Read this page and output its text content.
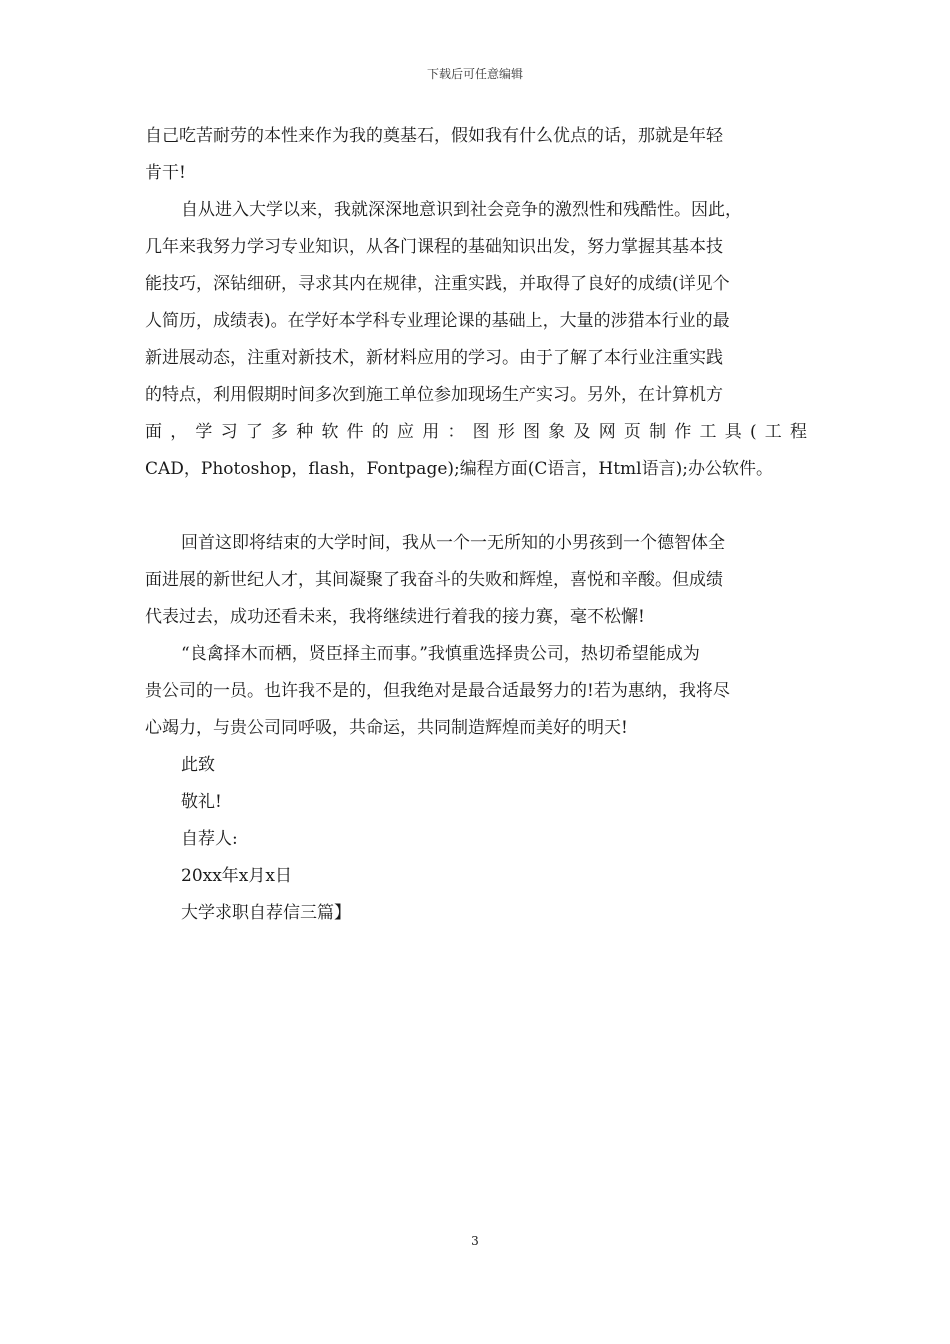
下载后可任意编辑
自己吃苦耐劳的本性来作为我的奠基石，假如我有什么优点的话，那就是年轻
肯干!
自从进入大学以来，我就深深地意识到社会竞争的激烈性和残酷性。因此，
几年来我努力学习专业知识，从各门课程的基础知识出发，努力掌握其基本技
能技巧，深钻细研，寻求其内在规律，注重实践，并取得了良好的成绩(详见个
人简历，成绩表)。在学好本学科专业理论课的基础上，大量的涉猎本行业的最
新进展动态，注重对新技术，新材料应用的学习。由于了解了本行业注重实践
的特点，利用假期时间多次到施工单位参加现场生产实习。另外，在计算机方
面，学习了多种软件的应用：图形图象及网页制作工具(工程
CAD，Photoshop，flash，Fontpage);编程方面(C语言，Html语言);办公软件。
回首这即将结束的大学时间，我从一个一无所知的小男孩到一个德智体全
面进展的新世纪人才，其间凝聚了我奋斗的失败和辉煌，喜悦和辛酸。但成绩
代表过去，成功还看未来，我将继续进行着我的接力赛，毫不松懈!
“良禽择木而栖，贤臣择主而事。”我慎重选择贵公司，热切希望能成为
贵公司的一员。也许我不是的，但我绝对是最合适最努力的!若为惠纳，我将尽
心竭力，与贵公司同呼吸，共命运，共同制造辉煌而美好的明天!
此致
敬礼!
自荐人:
20xx年x月x日
大学求职自荐信三篇】
3
